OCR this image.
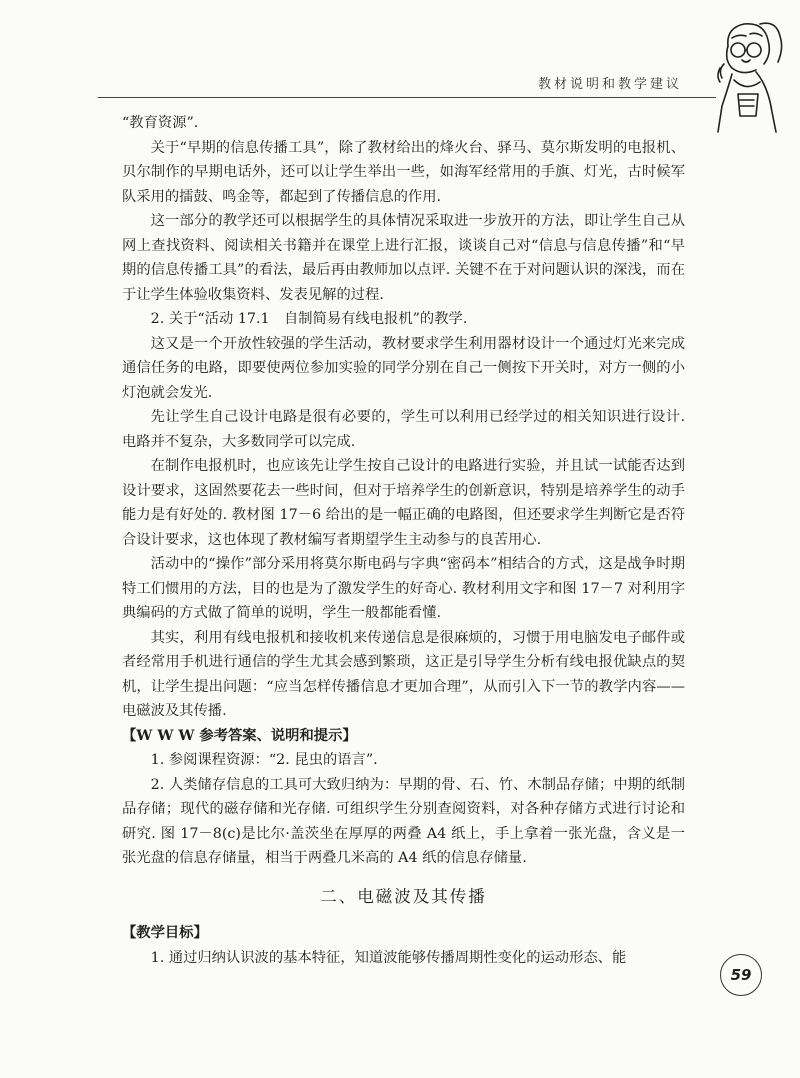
教材说明和教学建议

“教育资源”.

关于“早期的信息传播工具”，除了教材给出的烽火台、驿马、莫尔斯发明的电报机、贝尔制作的早期电话外，还可以让学生举出一些，如海军经常用的手旗、灯光，古时候军队采用的擂鼓、鸣金等，都起到了传播信息的作用.

这一部分的教学还可以根据学生的具体情况采取进一步放开的方法，即让学生自己从网上查找资料、阅读相关书籍并在课堂上进行汇报，谈谈自己对“信息与信息传播”和“早期的信息传播工具”的看法，最后再由教师加以点评. 关键不在于对问题认识的深浅，而在于让学生体验收集资料、发表见解的过程.

2. 关于“活动 17.1　自制简易有线电报机”的教学.

这又是一个开放性较强的学生活动，教材要求学生利用器材设计一个通过灯光来完成通信任务的电路，即要使两位参加实验的同学分别在自己一侧按下开关时，对方一侧的小灯泡就会发光.

先让学生自己设计电路是很有必要的，学生可以利用已经学过的相关知识进行设计. 电路并不复杂，大多数同学可以完成.

在制作电报机时，也应该先让学生按自己设计的电路进行实验，并且试一试能否达到设计要求，这固然要花去一些时间，但对于培养学生的创新意识，特别是培养学生的动手能力是有好处的. 教材图 17－6 给出的是一幅正确的电路图，但还要求学生判断它是否符合设计要求，这也体现了教材编写者期望学生主动参与的良苦用心.

活动中的“操作”部分采用将莫尔斯电码与字典“密码本”相结合的方式，这是战争时期特工们惯用的方法，目的也是为了激发学生的好奇心. 教材利用文字和图 17－7 对利用字典编码的方式做了简单的说明，学生一般都能看懂.

其实，利用有线电报机和接收机来传递信息是很麻烦的，习惯于用电脑发电子邮件或者经常用手机进行通信的学生尤其会感到繁琐，这正是引导学生分析有线电报优缺点的契机，让学生提出问题：“应当怎样传播信息才更加合理”，从而引入下一节的教学内容——电磁波及其传播.

【W W W 参考答案、说明和提示】

1. 参阅课程资源：“2. 昆虫的语言”.

2. 人类储存信息的工具可大致归纳为：早期的骨、石、竹、木制品存储；中期的纸制品存储；现代的磁存储和光存储. 可组织学生分别查阅资料，对各种存储方式进行讨论和研究. 图 17－8(c)是比尔·盖茨坐在厚厚的两叠 A4 纸上，手上拿着一张光盘，含义是一张光盘的信息存储量，相当于两叠几米高的 A4 纸的信息存储量.

二、电磁波及其传播

【教学目标】

1. 通过归纳认识波的基本特征，知道波能够传播周期性变化的运动形态、能

59
